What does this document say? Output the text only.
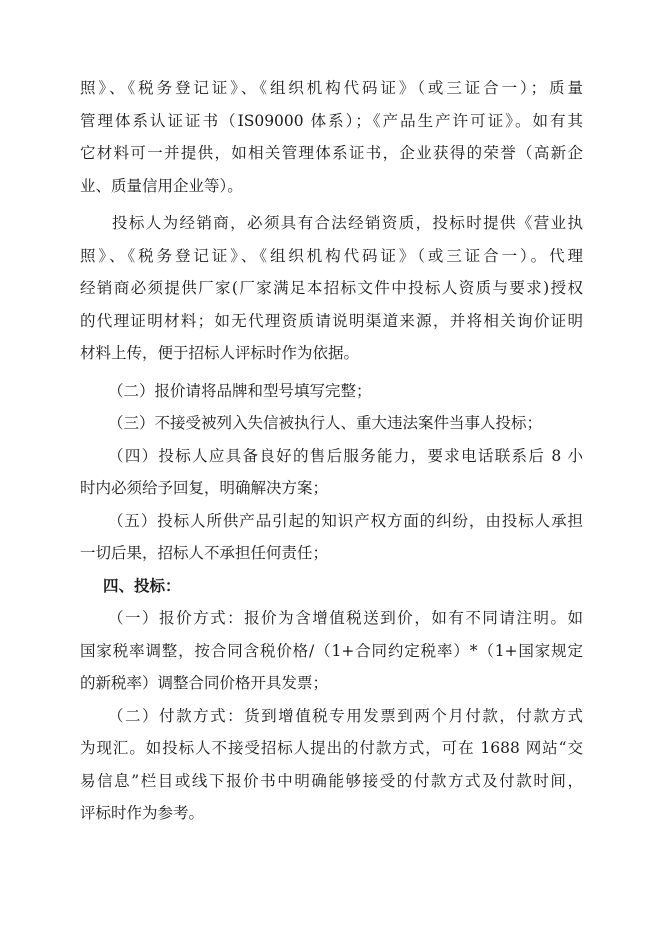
照》、《税务登记证》、《组织机构代码证》（或三证合一）；质量
管理体系认证证书（IS09000 体系）；《产品生产许可证》。如有其
它材料可一并提供，如相关管理体系证书，企业获得的荣誉（高新企
业、质量信用企业等）。
投标人为经销商，必须具有合法经销资质，投标时提供《营业执
照》、《税务登记证》、《组织机构代码证》（或三证合一）。代理
经销商必须提供厂家(厂家满足本招标文件中投标人资质与要求)授权
的代理证明材料；如无代理资质请说明渠道来源，并将相关询价证明
材料上传，便于招标人评标时作为依据。
（二）报价请将品牌和型号填写完整；
（三）不接受被列入失信被执行人、重大违法案件当事人投标；
（四）投标人应具备良好的售后服务能力，要求电话联系后 8 小
时内必须给予回复，明确解决方案；
（五）投标人所供产品引起的知识产权方面的纠纷，由投标人承担
一切后果，招标人不承担任何责任；
四、投标：
（一）报价方式：报价为含增值税送到价，如有不同请注明。如
国家税率调整，按合同含税价格/（1+合同约定税率）*（1+国家规定
的新税率）调整合同价格开具发票；
（二）付款方式：货到增值税专用发票到两个月付款，付款方式
为现汇。如投标人不接受招标人提出的付款方式，可在 1688 网站“交
易信息”栏目或线下报价书中明确能够接受的付款方式及付款时间，
评标时作为参考。
